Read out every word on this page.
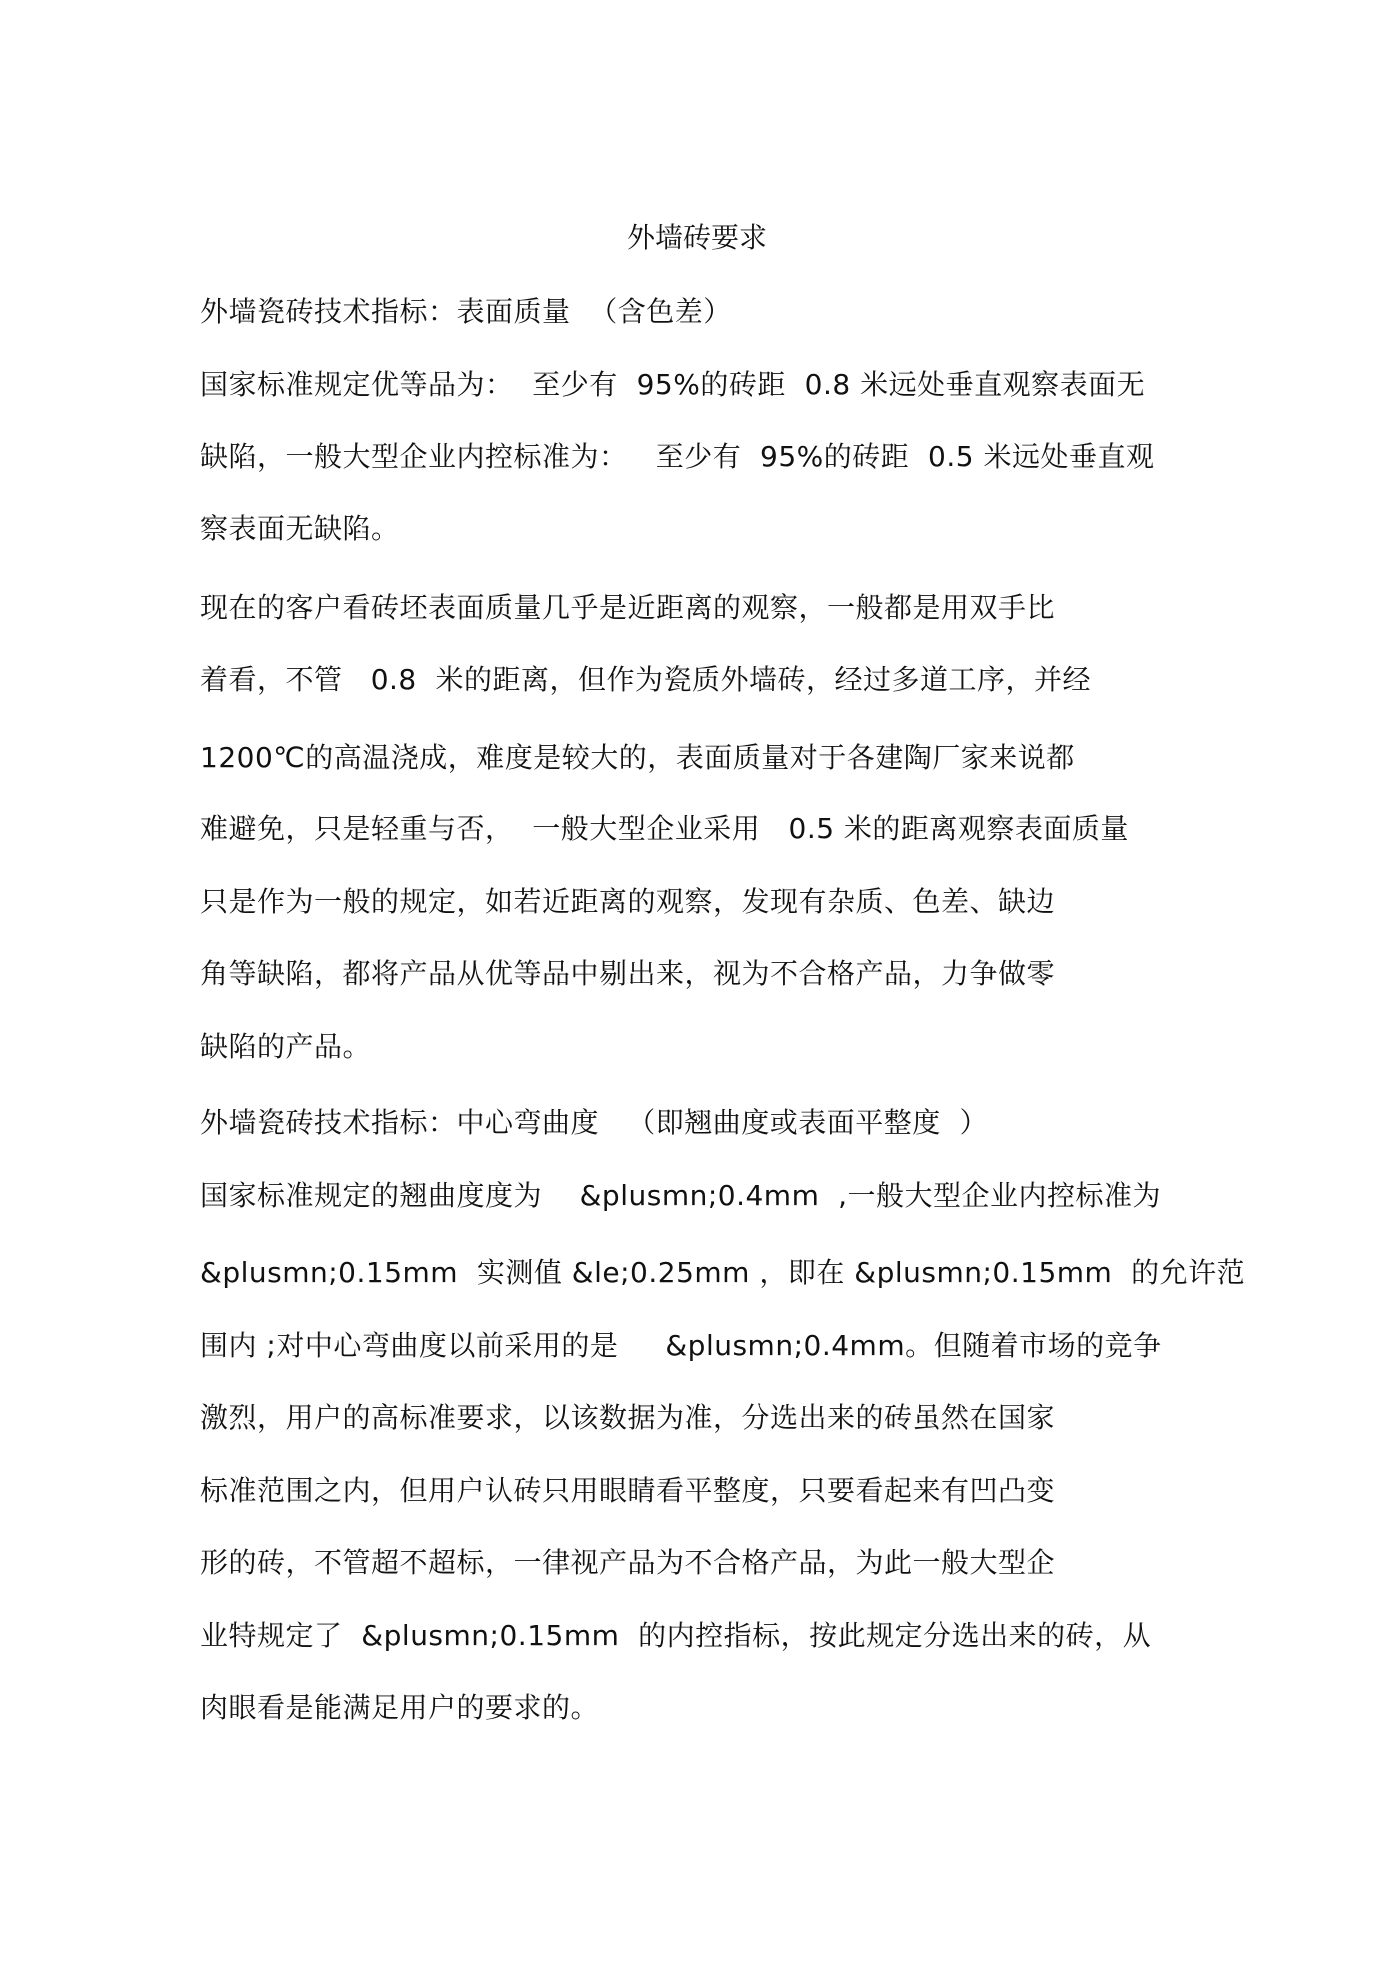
外墙砖要求
外墙瓷砖技术指标：表面质量  （含色差）
国家标准规定优等品为：  至少有  95%的砖距  0.8 米远处垂直观察表面无
缺陷，一般大型企业内控标准为：   至少有  95%的砖距  0.5 米远处垂直观
察表面无缺陷。
现在的客户看砖坯表面质量几乎是近距离的观察，一般都是用双手比
着看，不管   0.8  米的距离，但作为瓷质外墙砖，经过多道工序，并经
1200℃的高温浇成，难度是较大的，表面质量对于各建陶厂家来说都
难避免，只是轻重与否，  一般大型企业采用   0.5 米的距离观察表面质量
只是作为一般的规定，如若近距离的观察，发现有杂质、色差、缺边
角等缺陷，都将产品从优等品中剔出来，视为不合格产品，力争做零
缺陷的产品。
外墙瓷砖技术指标：中心弯曲度   （即翘曲度或表面平整度  ）
国家标准规定的翘曲度度为    &plusmn;0.4mm  ,一般大型企业内控标准为
&plusmn;0.15mm  实测值 &le;0.25mm ，即在 &plusmn;0.15mm  的允许范
围内 ;对中心弯曲度以前采用的是     &plusmn;0.4mm。但随着市场的竞争
激烈，用户的高标准要求，以该数据为准，分选出来的砖虽然在国家
标准范围之内，但用户认砖只用眼睛看平整度，只要看起来有凹凸变
形的砖，不管超不超标，一律视产品为不合格产品，为此一般大型企
业特规定了  &plusmn;0.15mm  的内控指标，按此规定分选出来的砖，从
肉眼看是能满足用户的要求的。
